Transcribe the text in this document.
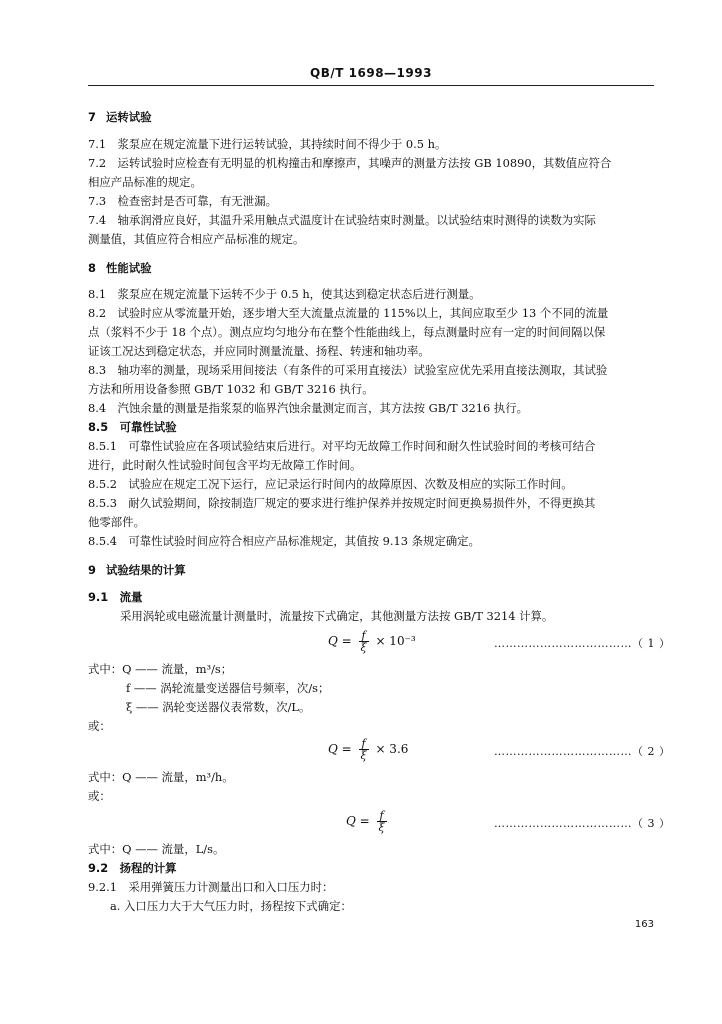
QB/T 1698—1993
7 运转试验
7.1　浆泵应在规定流量下进行运转试验，其持续时间不得少于 0.5 h。
7.2　运转试验时应检查有无明显的机构撞击和摩擦声，其噪声的测量方法按 GB 10890，其数值应符合
相应产品标准的规定。
7.3　检查密封是否可靠，有无泄漏。
7.4　轴承润滑应良好，其温升采用触点式温度计在试验结束时测量。以试验结束时测得的读数为实际
测量值，其值应符合相应产品标准的规定。
8 性能试验
8.1　浆泵应在规定流量下运转不少于 0.5 h，使其达到稳定状态后进行测量。
8.2　试验时应从零流量开始，逐步增大至大流量点流量的 115%以上，其间应取至少 13 个不同的流量
点（浆料不少于 18 个点）。测点应均匀地分布在整个性能曲线上，每点测量时应有一定的时间间隔以保
证该工况达到稳定状态，并应同时测量流量、扬程、转速和轴功率。
8.3　轴功率的测量，现场采用间接法（有条件的可采用直接法）试验室应优先采用直接法测取，其试验
方法和所用设备参照 GB/T 1032 和 GB/T 3216 执行。
8.4　汽蚀余量的测量是指浆泵的临界汽蚀余量测定而言，其方法按 GB/T 3216 执行。
8.5　可靠性试验
8.5.1　可靠性试验应在各项试验结束后进行。对平均无故障工作时间和耐久性试验时间的考核可结合
进行，此时耐久性试验时间包含平均无故障工作时间。
8.5.2　试验应在规定工况下运行，应记录运行时间内的故障原因、次数及相应的实际工作时间。
8.5.3　耐久试验期间，除按制造厂规定的要求进行维护保养并按规定时间更换易损件外，不得更换其
他零部件。
8.5.4　可靠性试验时间应符合相应产品标准规定，其值按 9.13 条规定确定。
9 试验结果的计算
9.1　流量
采用涡轮或电磁流量计测量时，流量按下式确定，其他测量方法按 GB/T 3214 计算。
$Q = \frac{f}{\xi} \times 10^{-3}$	………………………………（ 1 ）
式中：Q —— 流量，m³/s；
f —— 涡轮流量变送器信号频率，次/s；
ξ —— 涡轮变送器仪表常数，次/L。
或：
$Q = \frac{f}{\xi} \times 3.6$	………………………………（ 2 ）
式中：Q —— 流量，m³/h。
或：
$Q = \frac{f}{\xi}$	………………………………（ 3 ）
式中：Q —— 流量，L/s。
9.2　扬程的计算
9.2.1　采用弹簧压力计测量出口和入口压力时：
a. 入口压力大于大气压力时，扬程按下式确定：
163
